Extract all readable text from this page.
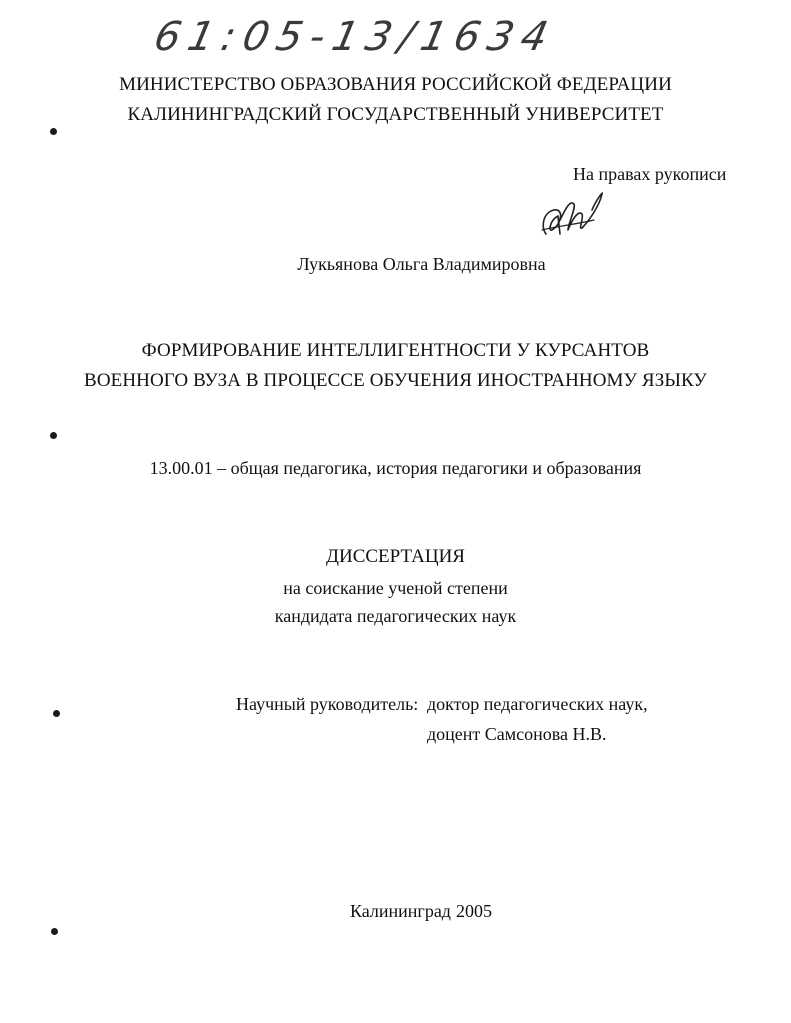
61:05-13/1634
МИНИСТЕРСТВО ОБРАЗОВАНИЯ РОССИЙСКОЙ ФЕДЕРАЦИИ
КАЛИНИНГРАДСКИЙ ГОСУДАРСТВЕННЫЙ УНИВЕРСИТЕТ
На правах рукописи
Лукьянова Ольга Владимировна
ФОРМИРОВАНИЕ ИНТЕЛЛИГЕНТНОСТИ У КУРСАНТОВ
ВОЕННОГО ВУЗА В ПРОЦЕССЕ ОБУЧЕНИЯ ИНОСТРАННОМУ ЯЗЫКУ
13.00.01 – общая педагогика, история педагогики и образования
ДИССЕРТАЦИЯ
на соискание ученой степени
кандидата педагогических наук
Научный руководитель: доктор педагогических наук,
доцент Самсонова Н.В.
Калининград 2005
